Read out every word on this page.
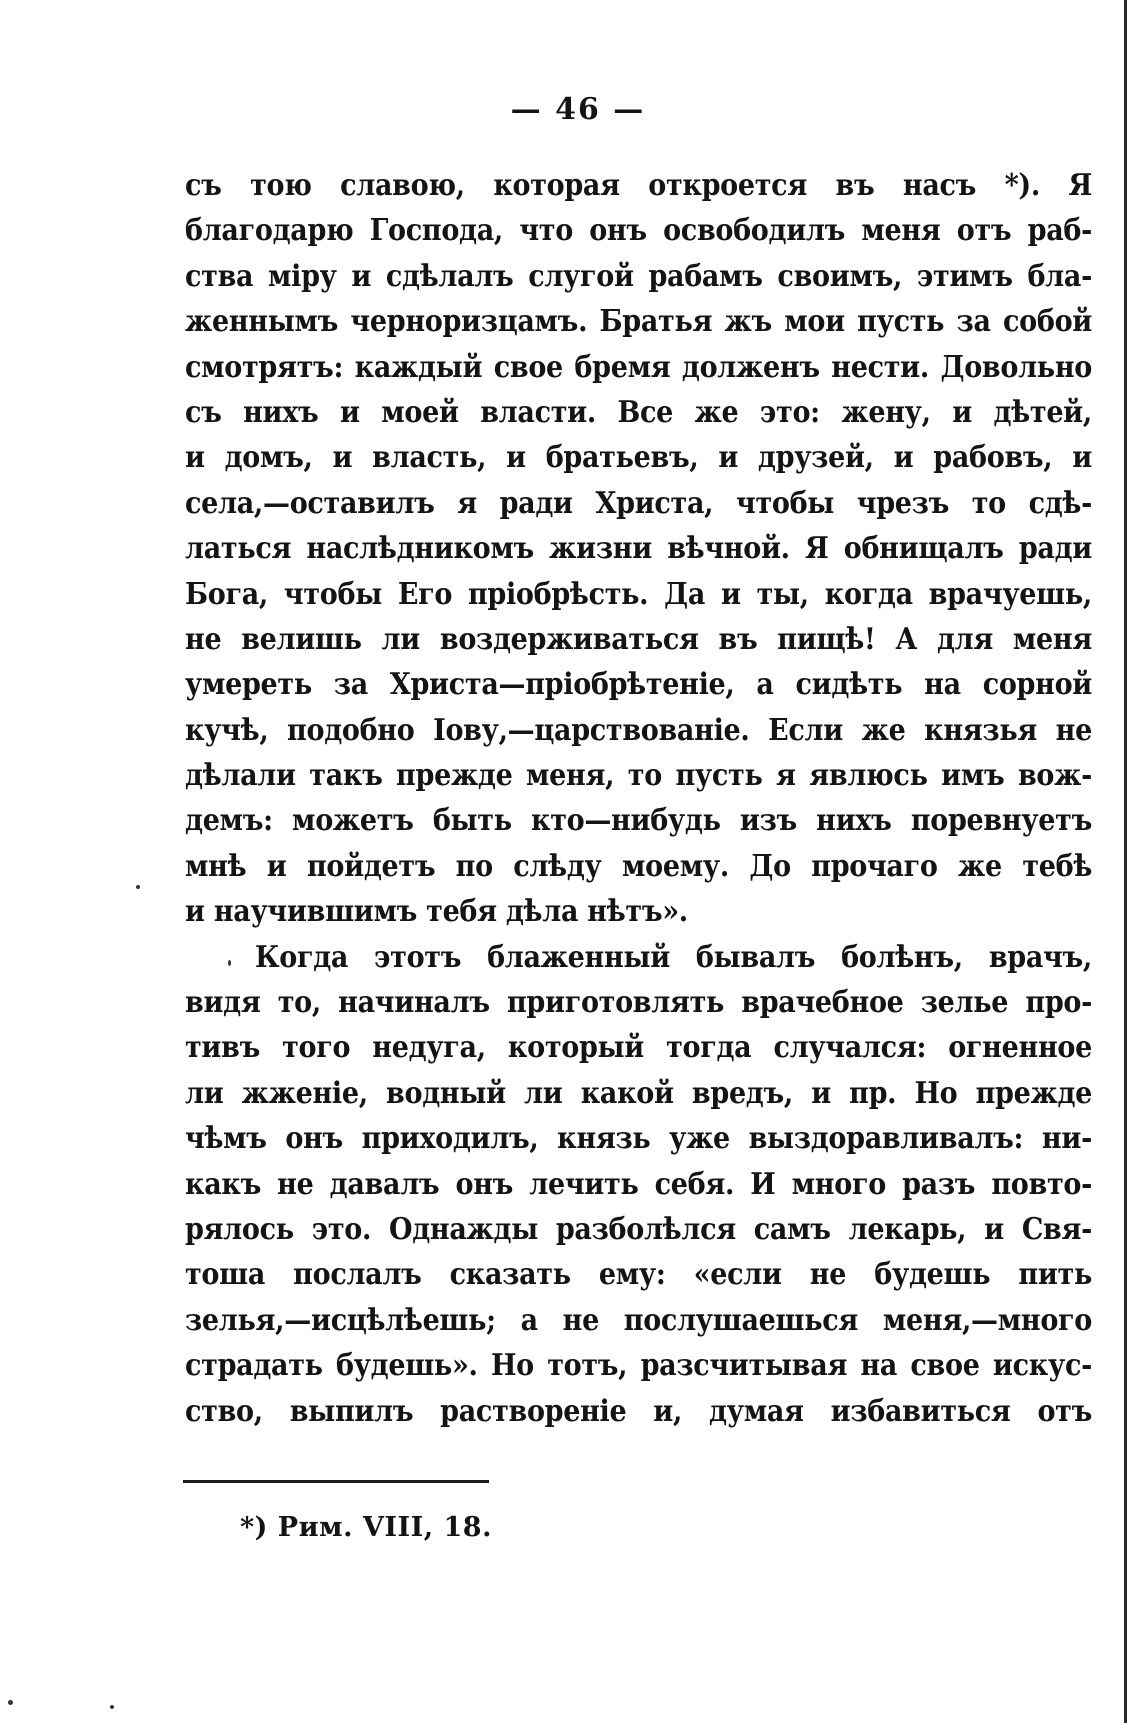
— 46 —
съ тою славою, которая откроется въ насъ *). Я
благодарю Господа, что онъ освободилъ меня отъ раб-
ства міру и сдѣлалъ слугой рабамъ своимъ, этимъ бла-
женнымъ черноризцамъ. Братья жъ мои пусть за собой
смотрятъ: каждый свое бремя долженъ нести. Довольно
съ нихъ и моей власти. Все же это: жену, и дѣтей,
и домъ, и власть, и братьевъ, и друзей, и рабовъ, и
села,—оставилъ я ради Христа, чтобы чрезъ то сдѣ-
латься наслѣдникомъ жизни вѣчной. Я обнищалъ ради
Бога, чтобы Его пріобрѣсть. Да и ты, когда врачуешь,
не велишь ли воздерживаться въ пищѣ! А для меня
умереть за Христа—пріобрѣтеніе, а сидѣть на сорной
кучѣ, подобно Іову,—царствованіе. Если же князья не
дѣлали такъ прежде меня, то пусть я явлюсь имъ вож-
демъ: можетъ быть кто—нибудь изъ нихъ поревнуетъ
мнѣ и пойдетъ по слѣду моему. До прочаго же тебѣ
и научившимъ тебя дѣла нѣтъ».
Когда этотъ блаженный бывалъ болѣнъ, врачъ,
видя то, начиналъ приготовлять врачебное зелье про-
тивъ того недуга, который тогда случался: огненное
ли жженіе, водный ли какой вредъ, и пр. Но прежде
чѣмъ онъ приходилъ, князь уже выздоравливалъ: ни-
какъ не давалъ онъ лечить себя. И много разъ повто-
рялось это. Однажды разболѣлся самъ лекарь, и Свя-
тоша послалъ сказать ему: «если не будешь пить
зелья,—исцѣлѣешь; а не послушаешься меня,—много
страдать будешь». Но тотъ, разсчитывая на свое искус-
ство, выпилъ раствореніе и, думая избавиться отъ
*) Рим. VIII, 18.
